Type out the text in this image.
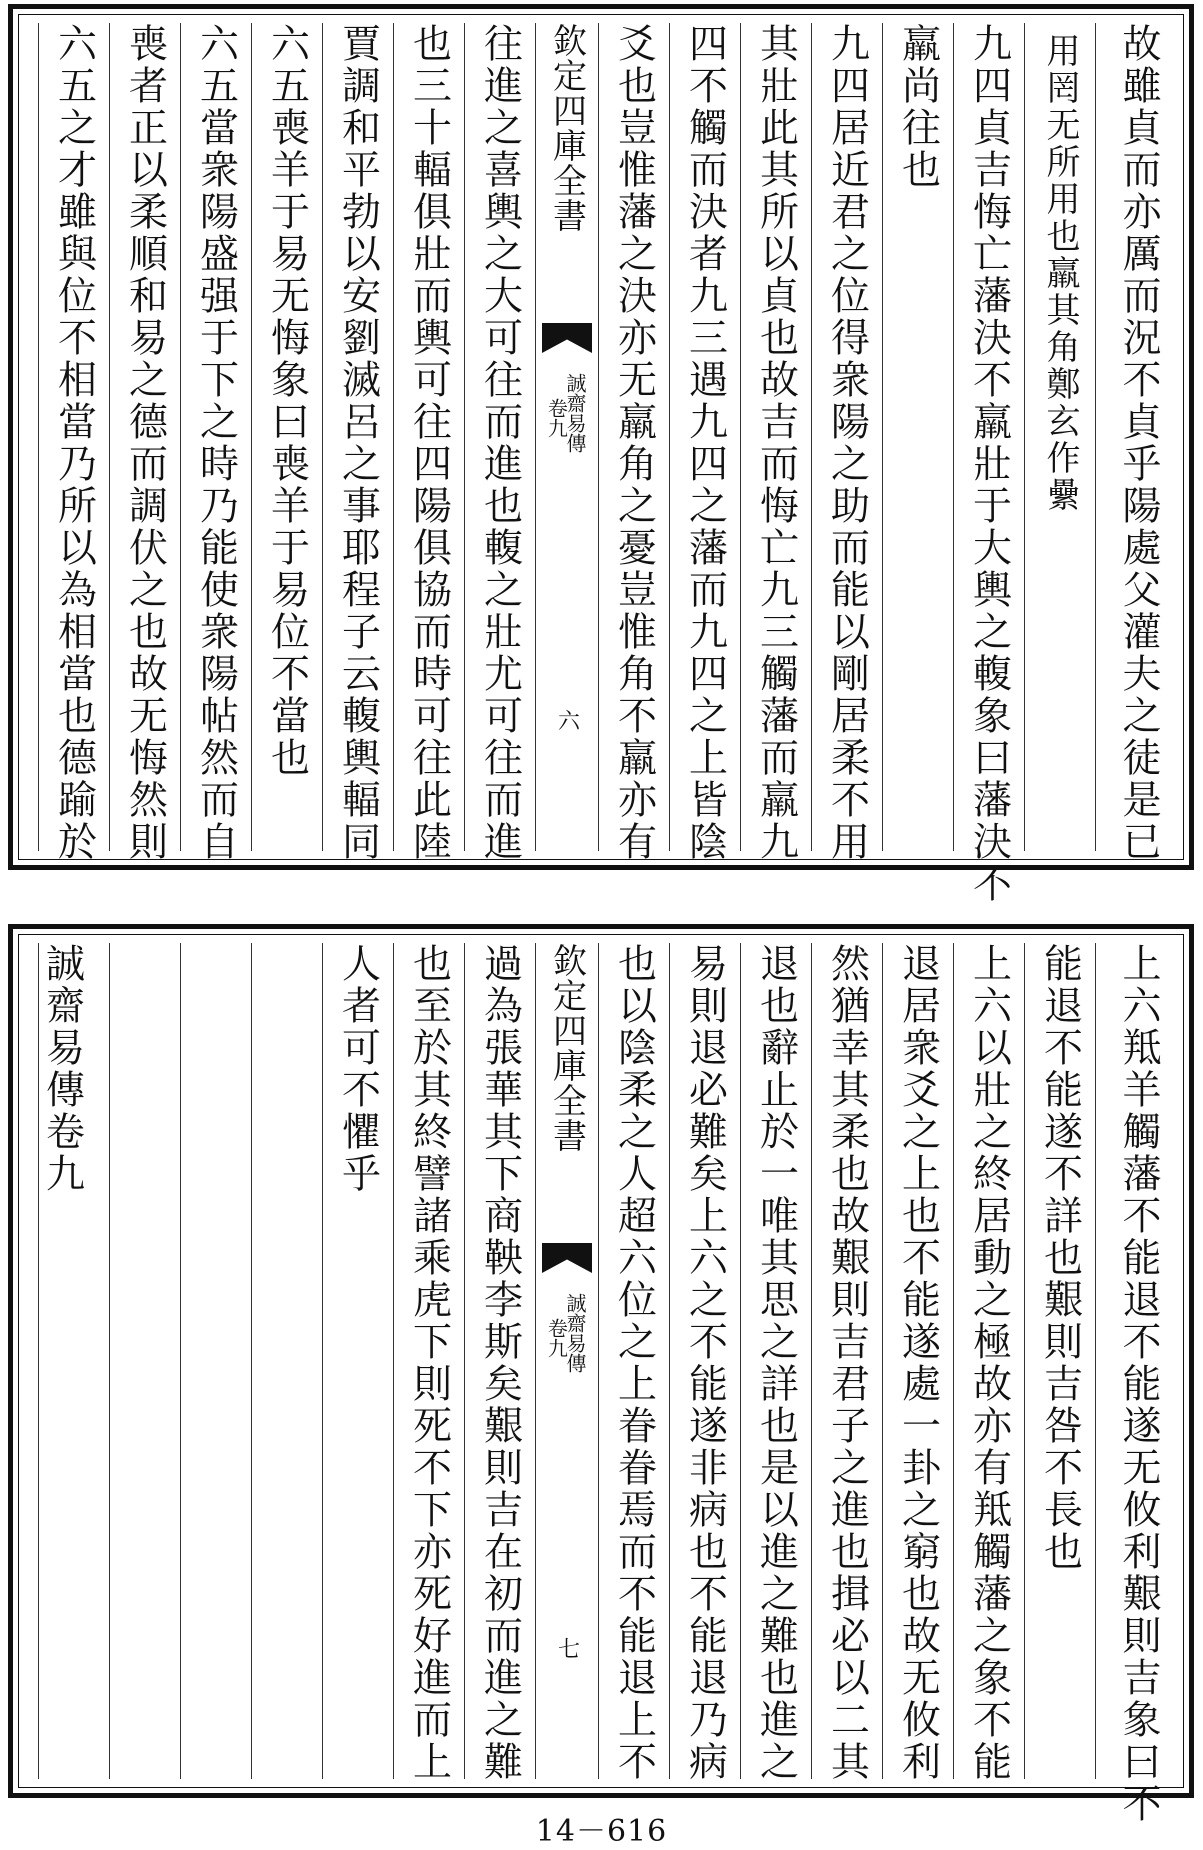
故雖貞而亦厲而況不貞乎陽處父灌夫之徒是已
用罔无所用也羸其角鄭玄作纍
九四貞吉悔亡藩決不羸壯于大輿之輹象曰藩決不
羸尚往也
九四居近君之位得衆陽之助而能以剛居柔不用
其壯此其所以貞也故吉而悔亡九三觸藩而羸九
四不觸而決者九三遇九四之藩而九四之上皆陰
爻也豈惟藩之決亦无羸角之憂豈惟角不羸亦有
欽定四庫全書
誠齋易傳
卷九
六
往進之喜輿之大可往而進也輹之壯尤可往而進
也三十輻俱壯而輿可往四陽俱協而時可往此陸
賈調和平勃以安劉滅呂之事耶程子云輹輿輻同
六五喪羊于易无悔象曰喪羊于易位不當也
六五當衆陽盛强于下之時乃能使衆陽帖然而自
喪者正以柔順和易之德而調伏之也故无悔然則
六五之才雖與位不相當乃所以為相當也德踰於
上六羝羊觸藩不能退不能遂无攸利艱則吉象曰不
能退不能遂不詳也艱則吉咎不長也
上六以壯之終居動之極故亦有羝觸藩之象不能
退居衆爻之上也不能遂處一卦之窮也故无攸利
然猶幸其柔也故艱則吉君子之進也揖必以二其
退也辭止於一唯其思之詳也是以進之難也進之
易則退必難矣上六之不能遂非病也不能退乃病
也以陰柔之人超六位之上眷眷焉而不能退上不
欽定四庫全書
誠齋易傳
卷九
七
過為張華其下商鞅李斯矣艱則吉在初而進之難
也至於其終譬諸乘虎下則死不下亦死好進而上
人者可不懼乎
誠齋易傳卷九
14－616
